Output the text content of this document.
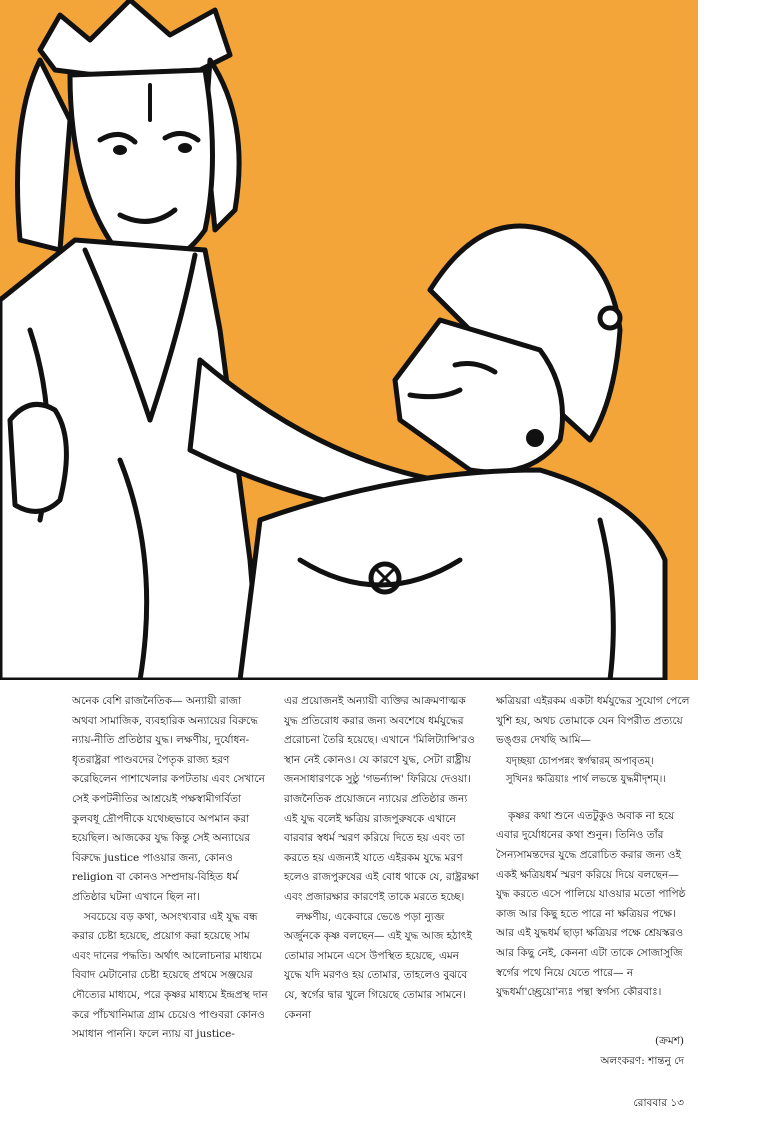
অনেক বেশি রাজনৈতিক— অন্যায়ী রাজা অথবা সামাজিক, ব্যবহারিক অন্যায়ের বিরুদ্ধে ন্যায়-নীতি প্রতিষ্ঠার যুদ্ধ। লক্ষণীয়, দুর্যোধন-ধৃতরাষ্ট্ররা পাণ্ডবদের পৈতৃক রাজ্য হরণ করেছিলেন পাশাখেলার কপটতায় এবং সেখানে সেই কপটনীতির আশ্রয়েই পক্ষস্বামীগর্বিতা কুলবধূ দ্রৌপদীকে যথেচ্ছভাবে অপমান করা হয়েছিল। আজকের যুদ্ধ কিন্তু সেই অন্যায়ের বিরুদ্ধে justice পাওয়ার জন্য, কোনও religion বা কোনও সম্প্রদায়-বিহিত ধর্ম প্রতিষ্ঠার ঘটনা এখানে ছিল না।

সবচেয়ে বড় কথা, অসংখ্যবার এই যুদ্ধ বন্ধ করার চেষ্টা হয়েছে, প্রয়োগ করা হয়েছে সাম এবং দানের পদ্ধতি। অর্থাৎ আলোচনার মাধ্যমে বিবাদ মেটানোর চেষ্টা হয়েছে প্রথমে সঞ্জয়ের দৌত্যের মাধ্যমে, পরে কৃষ্ণর মাধ্যমে ইন্দ্রপ্রস্থ দান করে পাঁচখানিমাত্র গ্রাম চেয়েও পাণ্ডবরা কোনও সমাধান পাননি। ফলে ন্যায় বা justice-

এর প্রয়োজনই অন্যায়ী ব্যক্তির আক্রমণাত্মক যুদ্ধ প্রতিরোধ করার জন্য অবশেষে ধর্মযুদ্ধের প্ররোচনা তৈরি হয়েছে। এখানে 'মিলিট্যান্সি'রও স্থান নেই কোনও। যে কারণে যুদ্ধ, সেটা রাষ্ট্রীয় জনসাধারণকে সুষ্ঠু 'গভর্ন্যান্স' ফিরিয়ে দেওয়া। রাজনৈতিক প্রয়োজনে ন্যায়ের প্রতিষ্ঠার জন্য এই যুদ্ধ বলেই ক্ষত্রিয় রাজপুরুষকে এখানে বারবার স্বধর্ম স্মরণ করিয়ে দিতে হয় এবং তা করতে হয় এজন্যই যাতে এইরকম যুদ্ধে মরণ হলেও রাজপুরুষের এই বোধ থাকে যে, রাষ্ট্ররক্ষা এবং প্রজারক্ষার কারণেই তাকে মরতে হচ্ছে।

লক্ষণীয়, একেবারে ভেঙে পড়া ন্যুব্জ অর্জুনকে কৃষ্ণ বলছেন— এই যুদ্ধ আজ হঠাৎই তোমার সামনে এসে উপস্থিত হয়েছে, এমন যুদ্ধে যদি মরণও হয় তোমার, তাহলেও বুঝবে যে, স্বর্গের দ্বার খুলে গিয়েছে তোমার সামনে। কেননা

ক্ষত্রিয়রা এইরকম একটা ধর্মযুদ্ধের সুযোগ পেলে খুশি হয়, অথচ তোমাকে যেন বিপরীত প্রত্যয়ে ভঙ্গুর দেখছি আমি—

যদৃচ্ছয়া চোপপন্নং স্বর্গদ্বারম্ অপাবৃতম্।
সুখিনঃ ক্ষত্রিয়াঃ পার্থ লভন্তে যুদ্ধমীদৃশম্।।

কৃষ্ণর কথা শুনে এতটুকুও অবাক না হয়ে এবার দুর্যোধনের কথা শুনুন। তিনিও তাঁর সৈন্যসামন্তদের যুদ্ধে প্ররোচিত করার জন্য ওই একই ক্ষত্রিয়ধর্ম স্মরণ করিয়ে দিয়ে বলছেন— যুদ্ধ করতে এসে পালিয়ে যাওয়ার মতো পাপিষ্ঠ কাজ আর কিছু হতে পারে না ক্ষত্রিয়র পক্ষে। আর এই যুদ্ধধর্ম ছাড়া ক্ষত্রিয়র পক্ষে শ্রেয়স্করও আর কিছু নেই, কেননা এটা তাকে সোজাসুজি স্বর্গের পথে নিয়ে যেতে পারে— ন যুদ্ধধর্মা'চ্ছ্রেয়ো'ন্যঃ পন্থা স্বর্গস্য কৌরবাঃ।

(ক্রমশ)
অলংকরণ: শান্তনু দে
রোববার ১৩
